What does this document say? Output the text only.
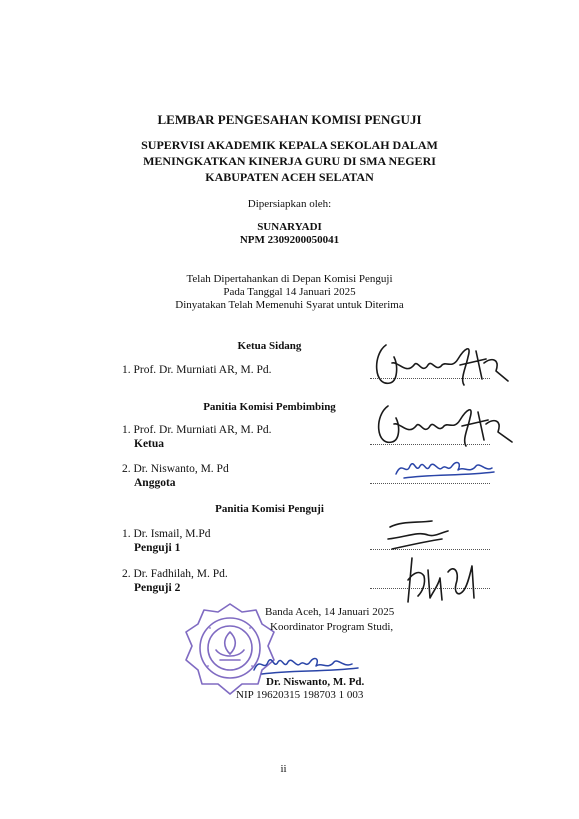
LEMBAR PENGESAHAN KOMISI PENGUJI
SUPERVISI AKADEMIK KEPALA SEKOLAH DALAM
MENINGKATKAN KINERJA GURU DI SMA NEGERI
KABUPATEN ACEH SELATAN
Dipersiapkan oleh:
SUNARYADI
NPM 2309200050041
Telah Dipertahankan di Depan Komisi Penguji
Pada Tanggal 14 Januari 2025
Dinyatakan Telah Memenuhi Syarat untuk Diterima
Ketua Sidang
1. Prof. Dr. Murniati AR, M. Pd.
Panitia Komisi Pembimbing
1. Prof. Dr. Murniati AR, M. Pd.
Ketua
2. Dr. Niswanto, M. Pd
Anggota
Panitia Komisi Penguji
1. Dr. Ismail, M.Pd
Penguji 1
2. Dr. Fadhilah, M. Pd.
Penguji 2
Banda Aceh, 14 Januari 2025
Koordinator Program Studi,
Dr. Niswanto, M. Pd.
NIP 19620315 198703 1 003
ii
